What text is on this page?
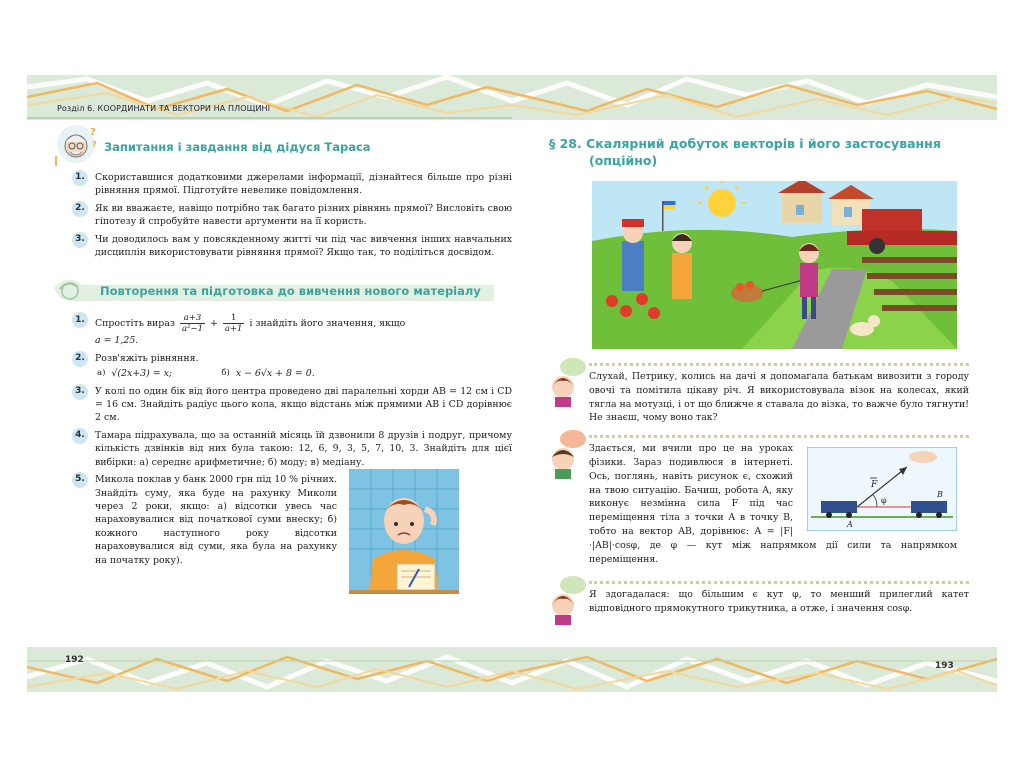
Розділ 6. КООРДИНАТИ ТА ВЕКТОРИ НА ПЛОЩИНІ
192
193
?
? Запитання і завдання від дідуся Тараса
1.	Скориставшися додатковими джерелами інформації, дізнайтеся більше про різні рівняння прямої. Підготуйте невелике повідомлення.
2.	Як ви вважаєте, навіщо потрібно так багато різних рівнянь прямої? Висловіть свою гіпотезу й спробуйте навести аргументи на її користь.
3.	Чи доводилось вам у повсякденному житті чи під час вивчення інших навчальних дисциплін використовувати рівняння прямої? Якщо так, то поділіться досвідом.
Повторення та підготовка до вивчення нового матеріалу
1.	Спростіть вираз $\frac{a+3}{\text{a²−1}} + \frac{1}{a+1}$ і знайдіть його значення, якщо
a = 1,25.
2.	Розв'яжіть рівняння.
а) √(2x+3) = x;	б) x − 6√x + 8 = 0.
3.	У колі по один бік від його центра проведено дві паралельні хорди AB = 12 см і CD = 16 см. Знайдіть радіус цього кола, якщо відстань між прямими AB і CD дорівнює 2 см.
4.	Тамара підрахувала, що за останній місяць їй дзвонили 8 друзів і подруг, причому кількість дзвінків від них була такою: 12, 6, 9, 3, 5, 7, 10, 3. Знайдіть для цієї вибірки: а) середнє арифметичне; б) моду; в) медіану.
5.	Микола поклав у банк 2000 грн під 10 % річних. Знайдіть суму, яка буде на рахунку Миколи через 2 роки, якщо: а) відсотки увесь час нараховувалися від початкової суми внеску; б) кожного наступного року відсотки нараховувалися від суми, яка була на рахунку на початку року).
§ 28. Скалярний добуток векторів і його застосування
(опційно)
Слухай, Петрику, колись на дачі я допомагала батькам вивозити з городу овочі та помітила цікаву річ. Я використовувала візок на колесах, який тягла на мотузці, і от що ближче я ставала до візка, то важче було тягнути! Не знаєш, чому воно так?
F
φ
A
B
Здається, ми вчили про це на уроках фізики. Зараз подивлюся в інтернеті. Ось, поглянь, навіть рисунок є, схожий на твою ситуацію. Бачиш, робота A, яку виконує незмінна сила F під час переміщення тіла з точки A в точку B, тобто на вектор AB, дорівнює: A = |F|·|AB|·cosφ, де φ — кут між напрямком дії сили та напрямком переміщення.
Я здогадалася: що більшим є кут φ, то менший прилеглий катет відповідного прямокутного трикутника, а отже, і значення cosφ.
